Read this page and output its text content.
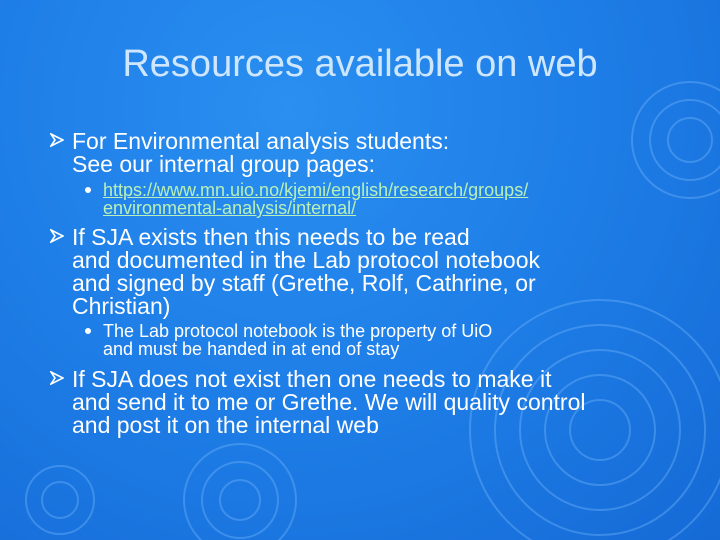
Resources available on web
For Environmental analysis students:
See our internal group pages:
https://www.mn.uio.no/kjemi/english/research/groups/
environmental-analysis/internal/
If SJA exists then this needs to be read
and documented in the Lab protocol notebook
and signed by staff (Grethe, Rolf, Cathrine, or
Christian)
The Lab protocol notebook is the property of UiO
and must be handed in at end of stay
If SJA does not exist then one needs to make it
and send it to me or Grethe. We will quality control
and post it on the internal web
